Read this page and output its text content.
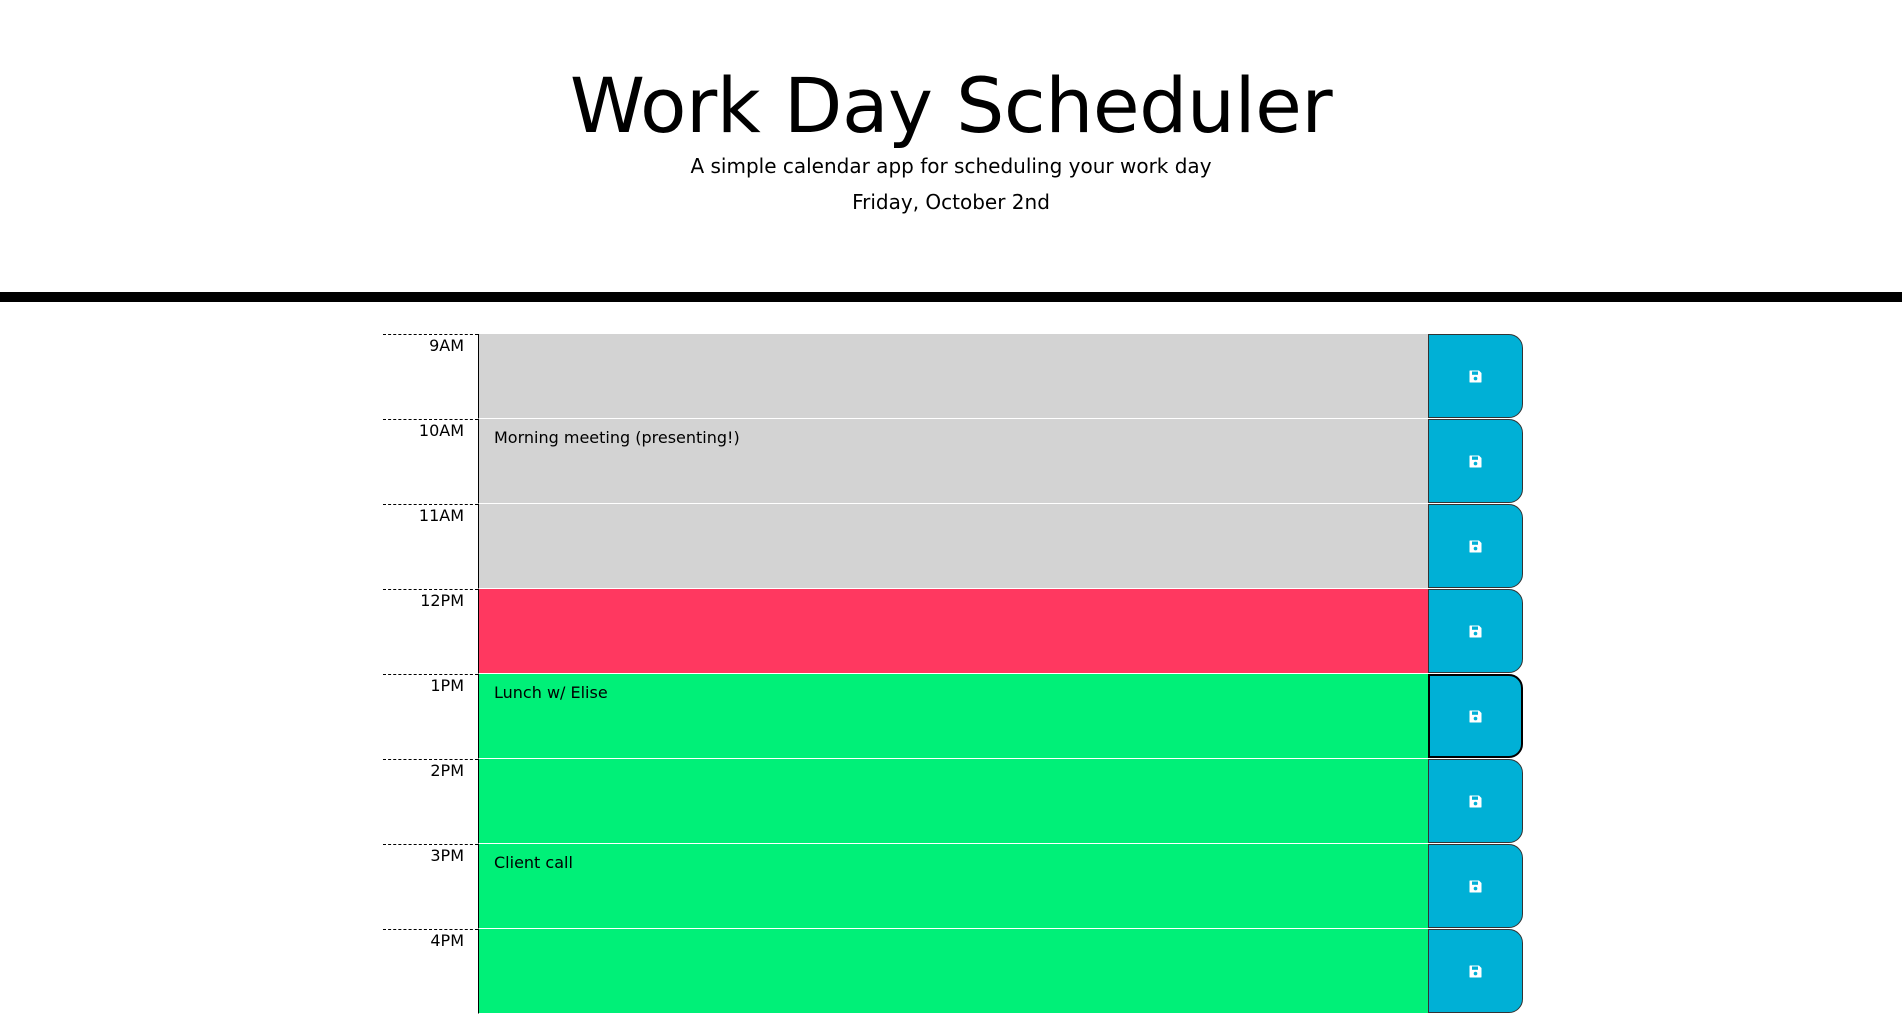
Work Day Scheduler

A simple calendar app for scheduling your work day

Friday, October 2nd

9AM
10AM	Morning meeting (presenting!)
11AM
12PM
1PM	Lunch w/ Elise
2PM
3PM	Client call
4PM
